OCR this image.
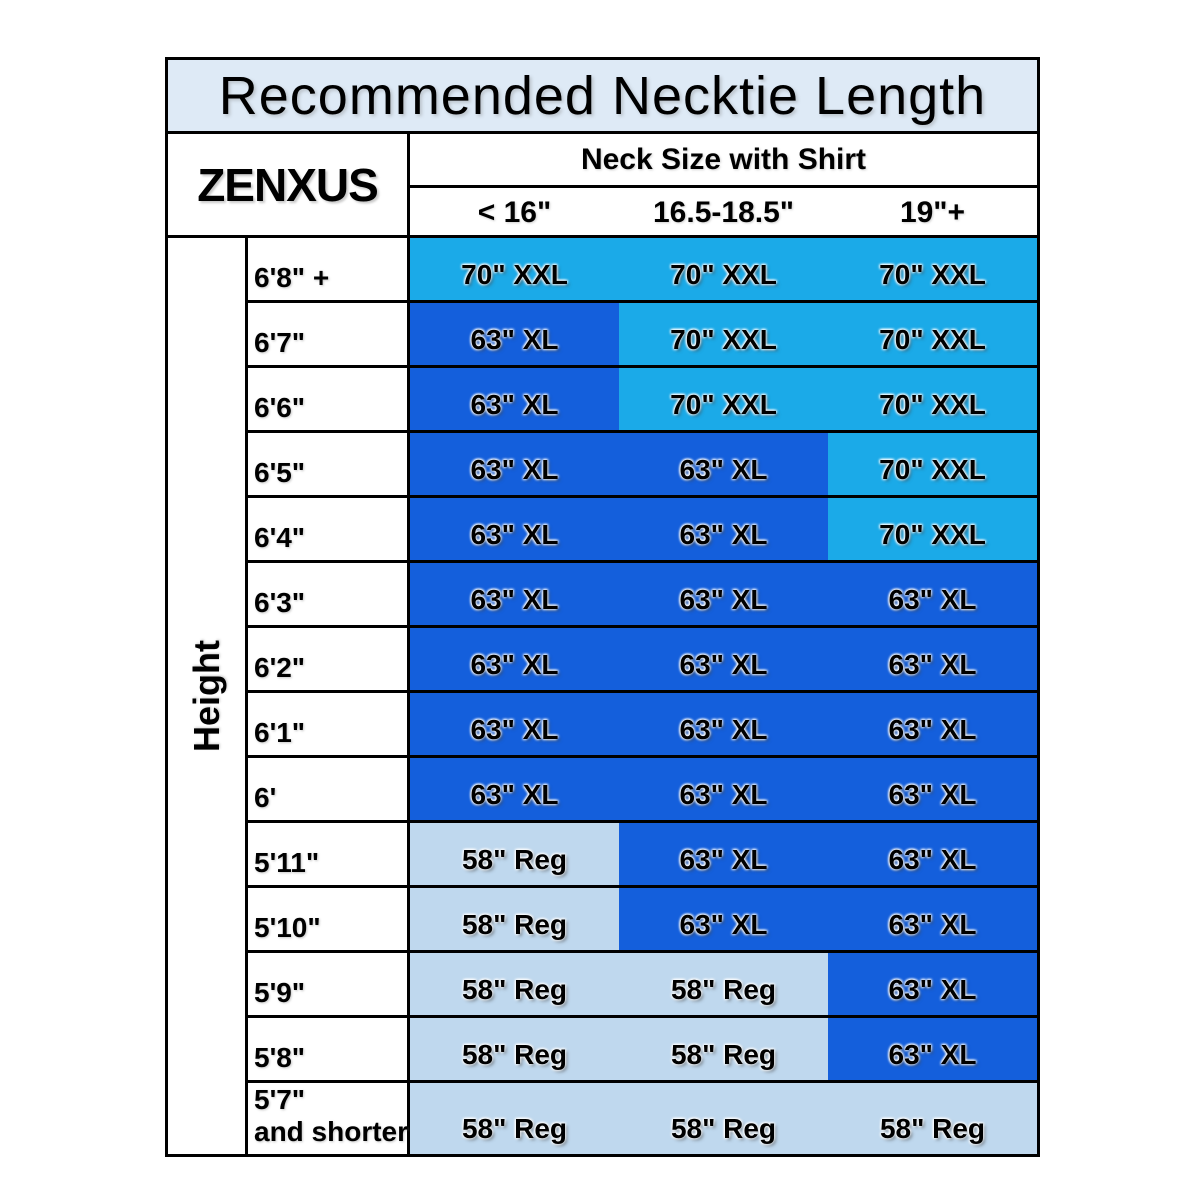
Recommended Necktie Length
ZENXUS	Neck Size with Shirt
< 16"	16.5-18.5"	19"+
Height
6'8" +	70" XXL	70" XXL	70" XXL
6'7"	63" XL	70" XXL	70" XXL
6'6"	63" XL	70" XXL	70" XXL
6'5"	63" XL	63" XL	70" XXL
6'4"	63" XL	63" XL	70" XXL
6'3"	63" XL	63" XL	63" XL
6'2"	63" XL	63" XL	63" XL
6'1"	63" XL	63" XL	63" XL
6'	63" XL	63" XL	63" XL
5'11"	58" Reg	63" XL	63" XL
5'10"	58" Reg	63" XL	63" XL
5'9"	58" Reg	58" Reg	63" XL
5'8"	58" Reg	58" Reg	63" XL
5'7"
and shorter	58" Reg	58" Reg	58" Reg
